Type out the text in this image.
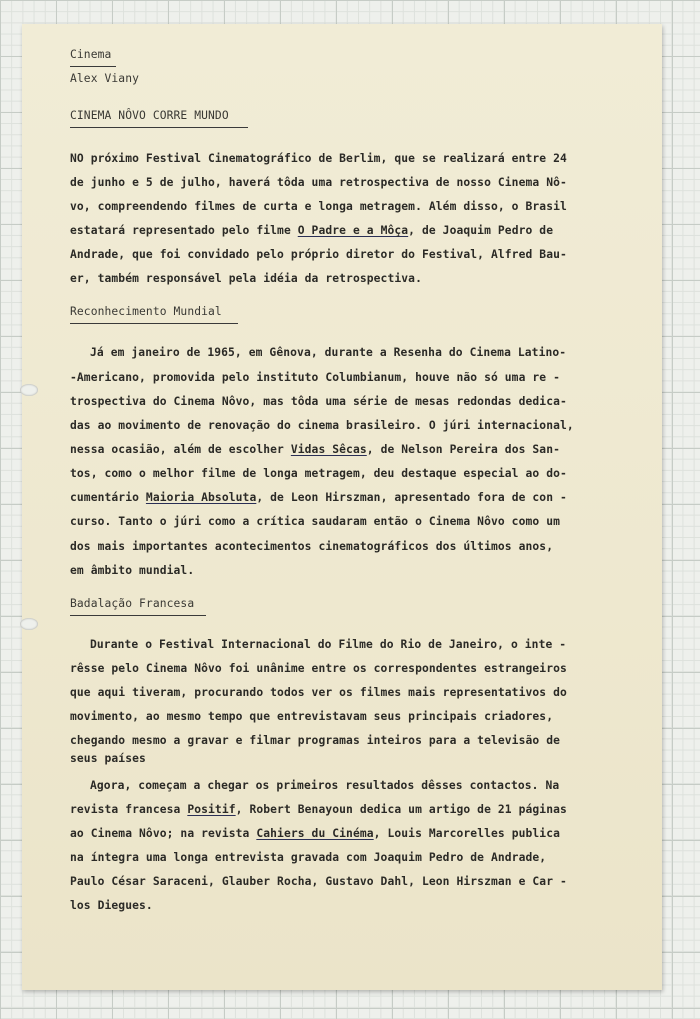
Cinema
Alex Viany
CINEMA NÔVO CORRE MUNDO
NO próximo Festival Cinematográfico de Berlim, que se realizará entre 24
de junho e 5 de julho, haverá tôda uma retrospectiva de nosso Cinema Nô-
vo, compreendendo filmes de curta e longa metragem. Além disso, o Brasil
estatará representado pelo filme O Padre e a Môça, de Joaquim Pedro de
Andrade, que foi convidado pelo próprio diretor do Festival, Alfred Bau-
er, também responsável pela idéia da retrospectiva.
Reconhecimento Mundial
Já em janeiro de 1965, em Gênova, durante a Resenha do Cinema Latino-
-Americano, promovida pelo instituto Columbianum, houve não só uma re -
trospectiva do Cinema Nôvo, mas tôda uma série de mesas redondas dedica-
das ao movimento de renovação do cinema brasileiro. O júri internacional,
nessa ocasião, além de escolher Vidas Sêcas, de Nelson Pereira dos San-
tos, como o melhor filme de longa metragem, deu destaque especial ao do-
cumentário Maioria Absoluta, de Leon Hirszman, apresentado fora de con -
curso. Tanto o júri como a crítica saudaram então o Cinema Nôvo como um
dos mais importantes acontecimentos cinematográficos dos últimos anos,
em âmbito mundial.
Badalação Francesa
Durante o Festival Internacional do Filme do Rio de Janeiro, o inte -
rêsse pelo Cinema Nôvo foi unânime entre os correspondentes estrangeiros
que aqui tiveram, procurando todos ver os filmes mais representativos do
movimento, ao mesmo tempo que entrevistavam seus principais criadores,
chegando mesmo a gravar e filmar programas inteiros para a televisão de
seus países
Agora, começam a chegar os primeiros resultados dêsses contactos. Na
revista francesa Positif, Robert Benayoun dedica um artigo de 21 páginas
ao Cinema Nôvo; na revista Cahiers du Cinéma, Louis Marcorelles publica
na íntegra uma longa entrevista gravada com Joaquim Pedro de Andrade,
Paulo César Saraceni, Glauber Rocha, Gustavo Dahl, Leon Hirszman e Car -
los Diegues.
